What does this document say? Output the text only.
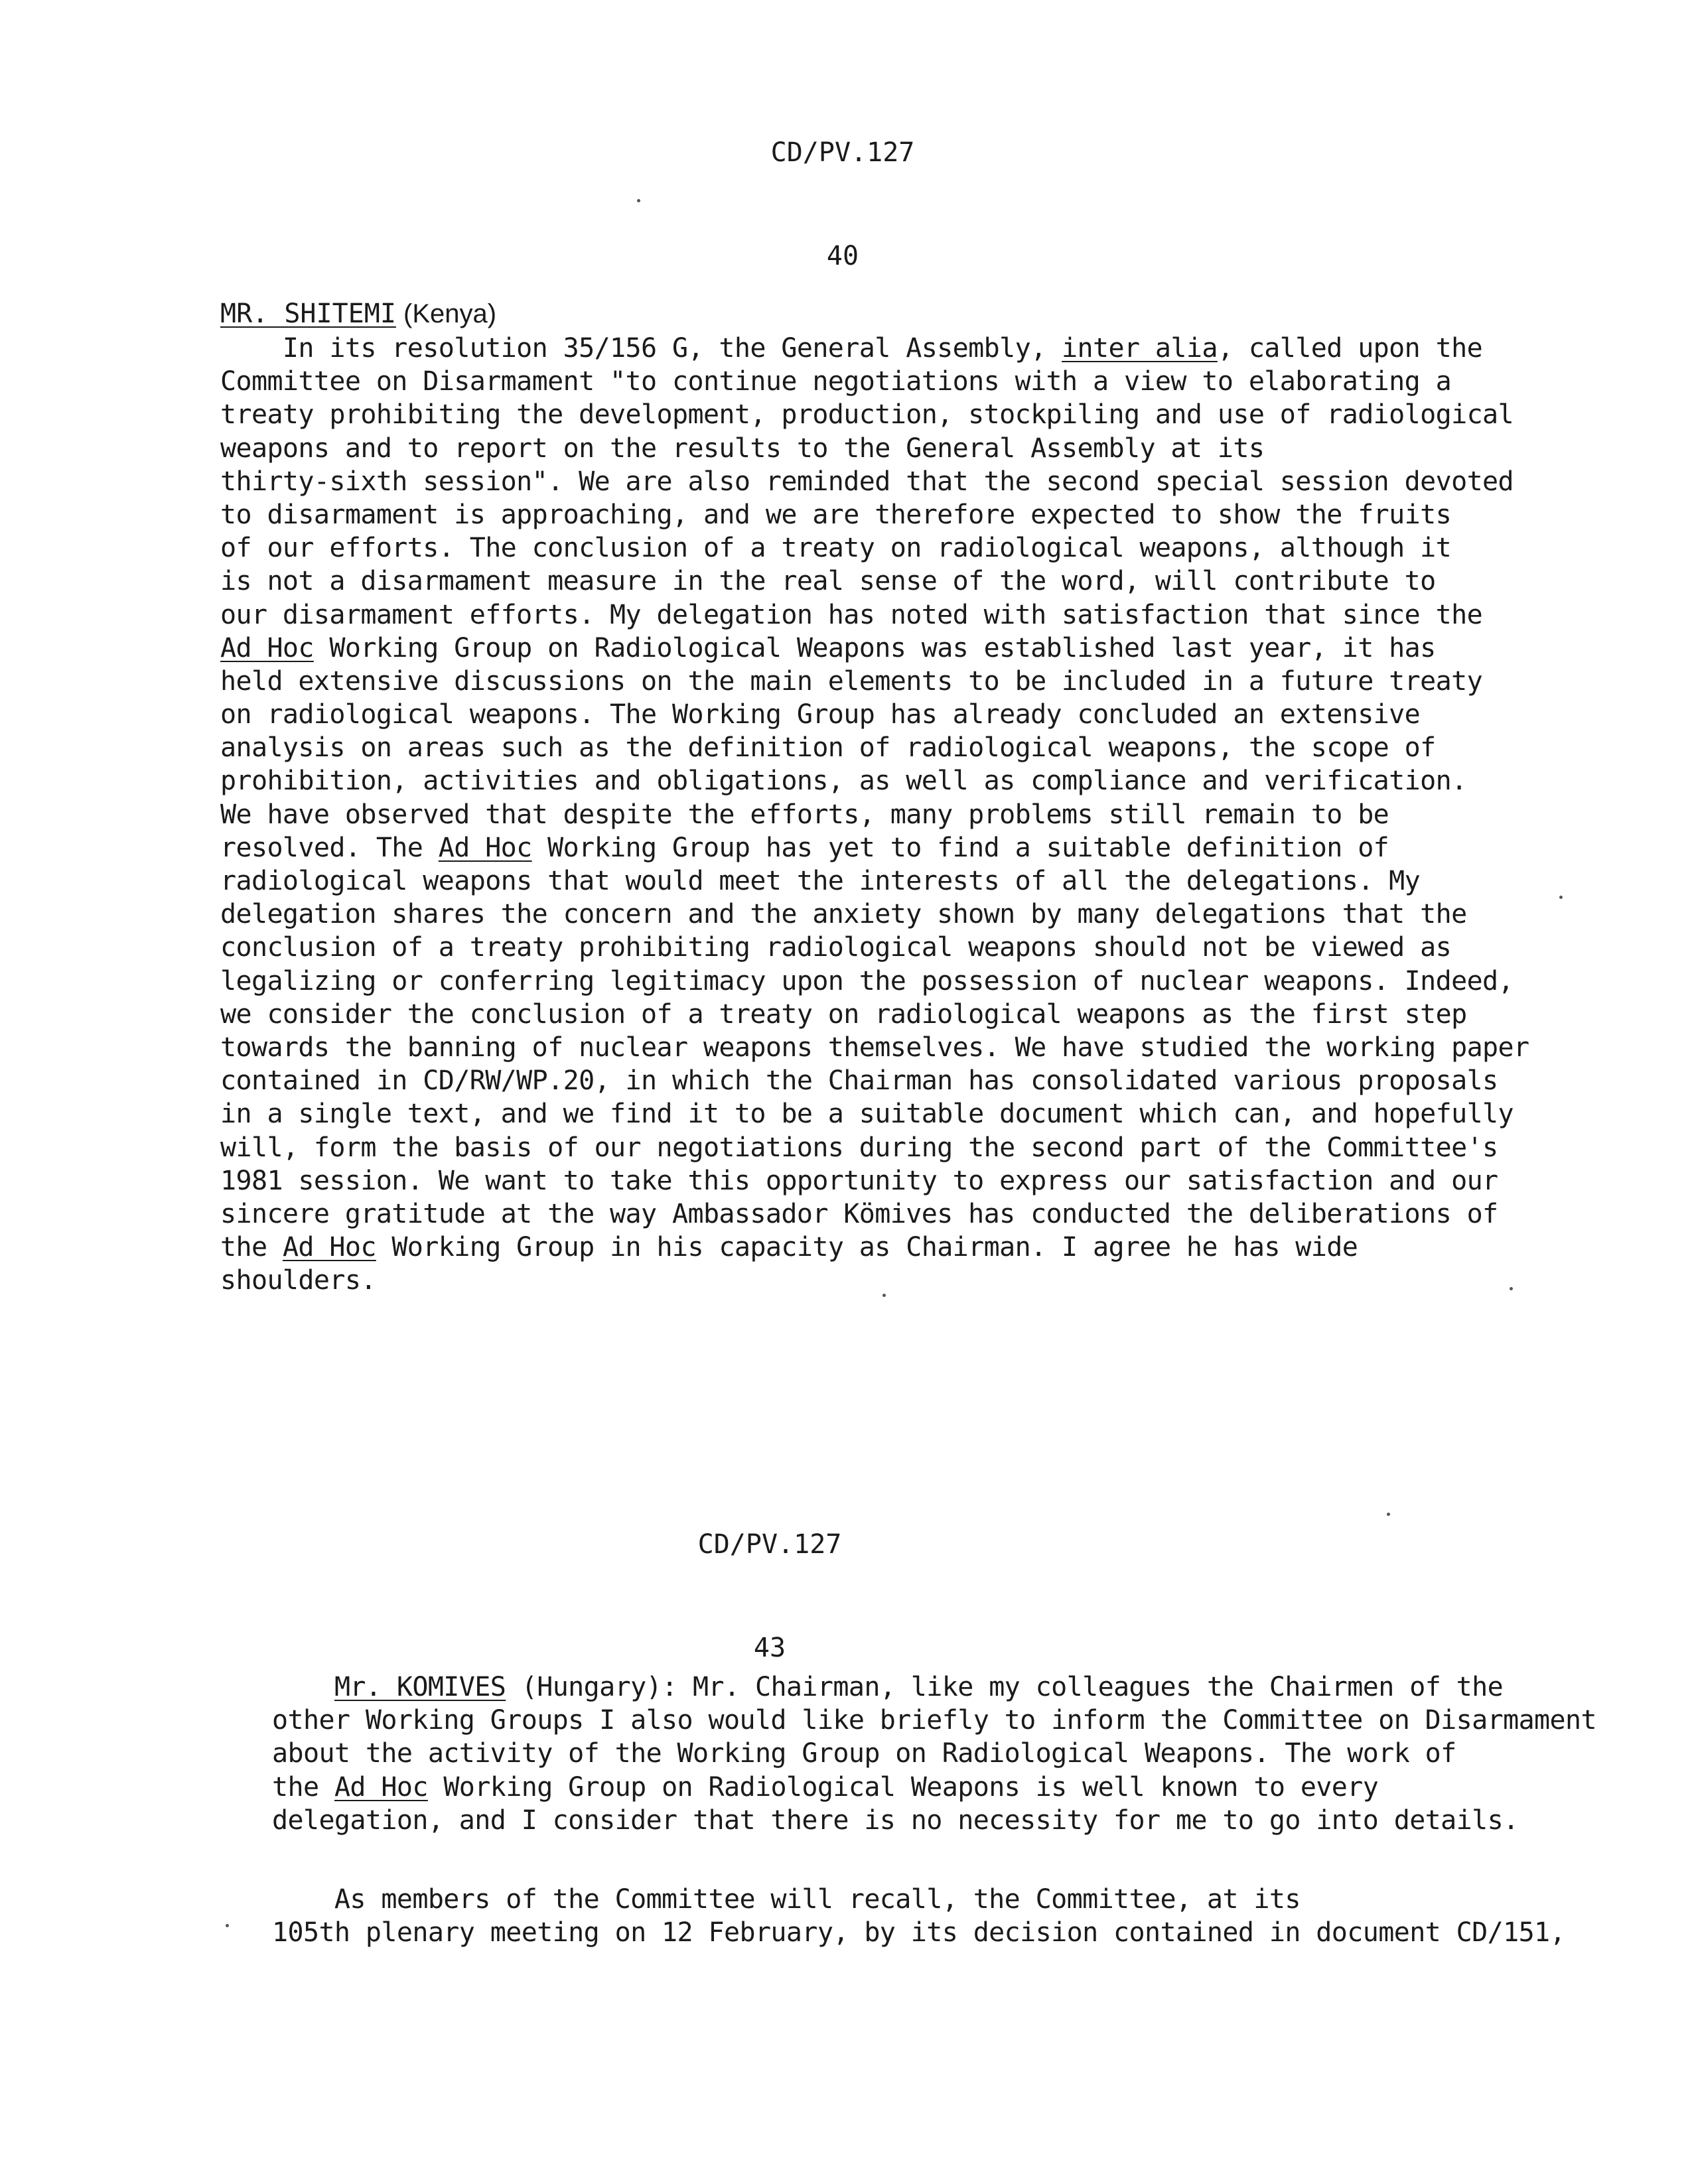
CD/PV.127

40

MR. SHITEMI (Kenya)
In its resolution 35/156 G, the General Assembly, inter alia, called upon the
Committee on Disarmament "to continue negotiations with a view to elaborating a
treaty prohibiting the development, production, stockpiling and use of radiological
weapons and to report on the results to the General Assembly at its
thirty-sixth session". We are also reminded that the second special session devoted
to disarmament is approaching, and we are therefore expected to show the fruits
of our efforts. The conclusion of a treaty on radiological weapons, although it
is not a disarmament measure in the real sense of the word, will contribute to
our disarmament efforts. My delegation has noted with satisfaction that since the
Ad Hoc Working Group on Radiological Weapons was established last year, it has
held extensive discussions on the main elements to be included in a future treaty
on radiological weapons. The Working Group has already concluded an extensive
analysis on areas such as the definition of radiological weapons, the scope of
prohibition, activities and obligations, as well as compliance and verification.
We have observed that despite the efforts, many problems still remain to be
resolved. The Ad Hoc Working Group has yet to find a suitable definition of
radiological weapons that would meet the interests of all the delegations. My
delegation shares the concern and the anxiety shown by many delegations that the
conclusion of a treaty prohibiting radiological weapons should not be viewed as
legalizing or conferring legitimacy upon the possession of nuclear weapons. Indeed,
we consider the conclusion of a treaty on radiological weapons as the first step
towards the banning of nuclear weapons themselves. We have studied the working paper
contained in CD/RW/WP.20, in which the Chairman has consolidated various proposals
in a single text, and we find it to be a suitable document which can, and hopefully
will, form the basis of our negotiations during the second part of the Committee's
1981 session. We want to take this opportunity to express our satisfaction and our
sincere gratitude at the way Ambassador Kömives has conducted the deliberations of
the Ad Hoc Working Group in his capacity as Chairman. I agree he has wide
shoulders.

CD/PV.127

43

Mr. KOMIVES (Hungary): Mr. Chairman, like my colleagues the Chairmen of the
other Working Groups I also would like briefly to inform the Committee on Disarmament
about the activity of the Working Group on Radiological Weapons. The work of
the Ad Hoc Working Group on Radiological Weapons is well known to every
delegation, and I consider that there is no necessity for me to go into details.
As members of the Committee will recall, the Committee, at its
105th plenary meeting on 12 February, by its decision contained in document CD/151,
